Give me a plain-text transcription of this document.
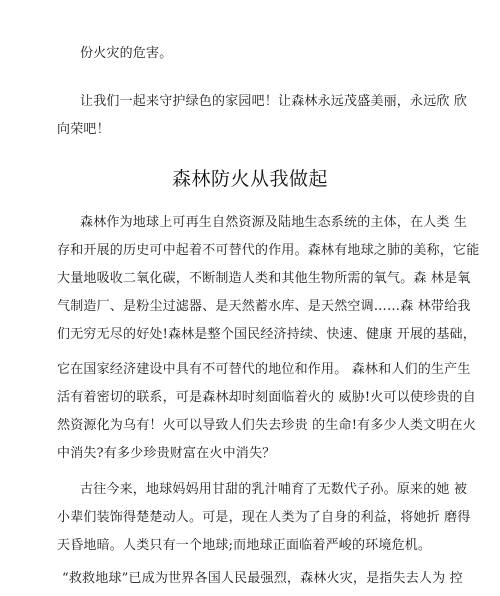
份火灾的危害。
让我们一起来守护绿色的家园吧！让森林永远茂盛美丽，永远欣 欣
向荣吧！
森林防火从我做起
森林作为地球上可再生自然资源及陆地生态系统的主体，在人类 生
存和开展的历史可中起着不可替代的作用。森林有地球之肺的美称，它能
大量地吸收二氧化碳，不断制造人类和其他生物所需的氧气。森 林是氧
气制造厂、是粉尘过滤器、是天然蓄水库、是天然空调……森 林带给我
们无穷无尽的好处!森林是整个国民经济持续、快速、健康 开展的基础，
它在国家经济建设中具有不可替代的地位和作用。 森林和人们的生产生
活有着密切的联系，可是森林却时刻面临着火的 威胁!火可以使珍贵的自
然资源化为乌有！火可以导致人们失去珍贵 的生命!有多少人类文明在火
中消失?有多少珍贵财富在火中消失？
古往今来，地球妈妈用甘甜的乳汁哺育了无数代子孙。原来的她 被
小辈们装饰得楚楚动人。可是，现在人类为了自身的利益，将她折 磨得
天昏地暗。人类只有一个地球;而地球正面临着严峻的环境危机。
“救救地球”已成为世界各国人民最强烈，森林火灾，是指失去人为 控
